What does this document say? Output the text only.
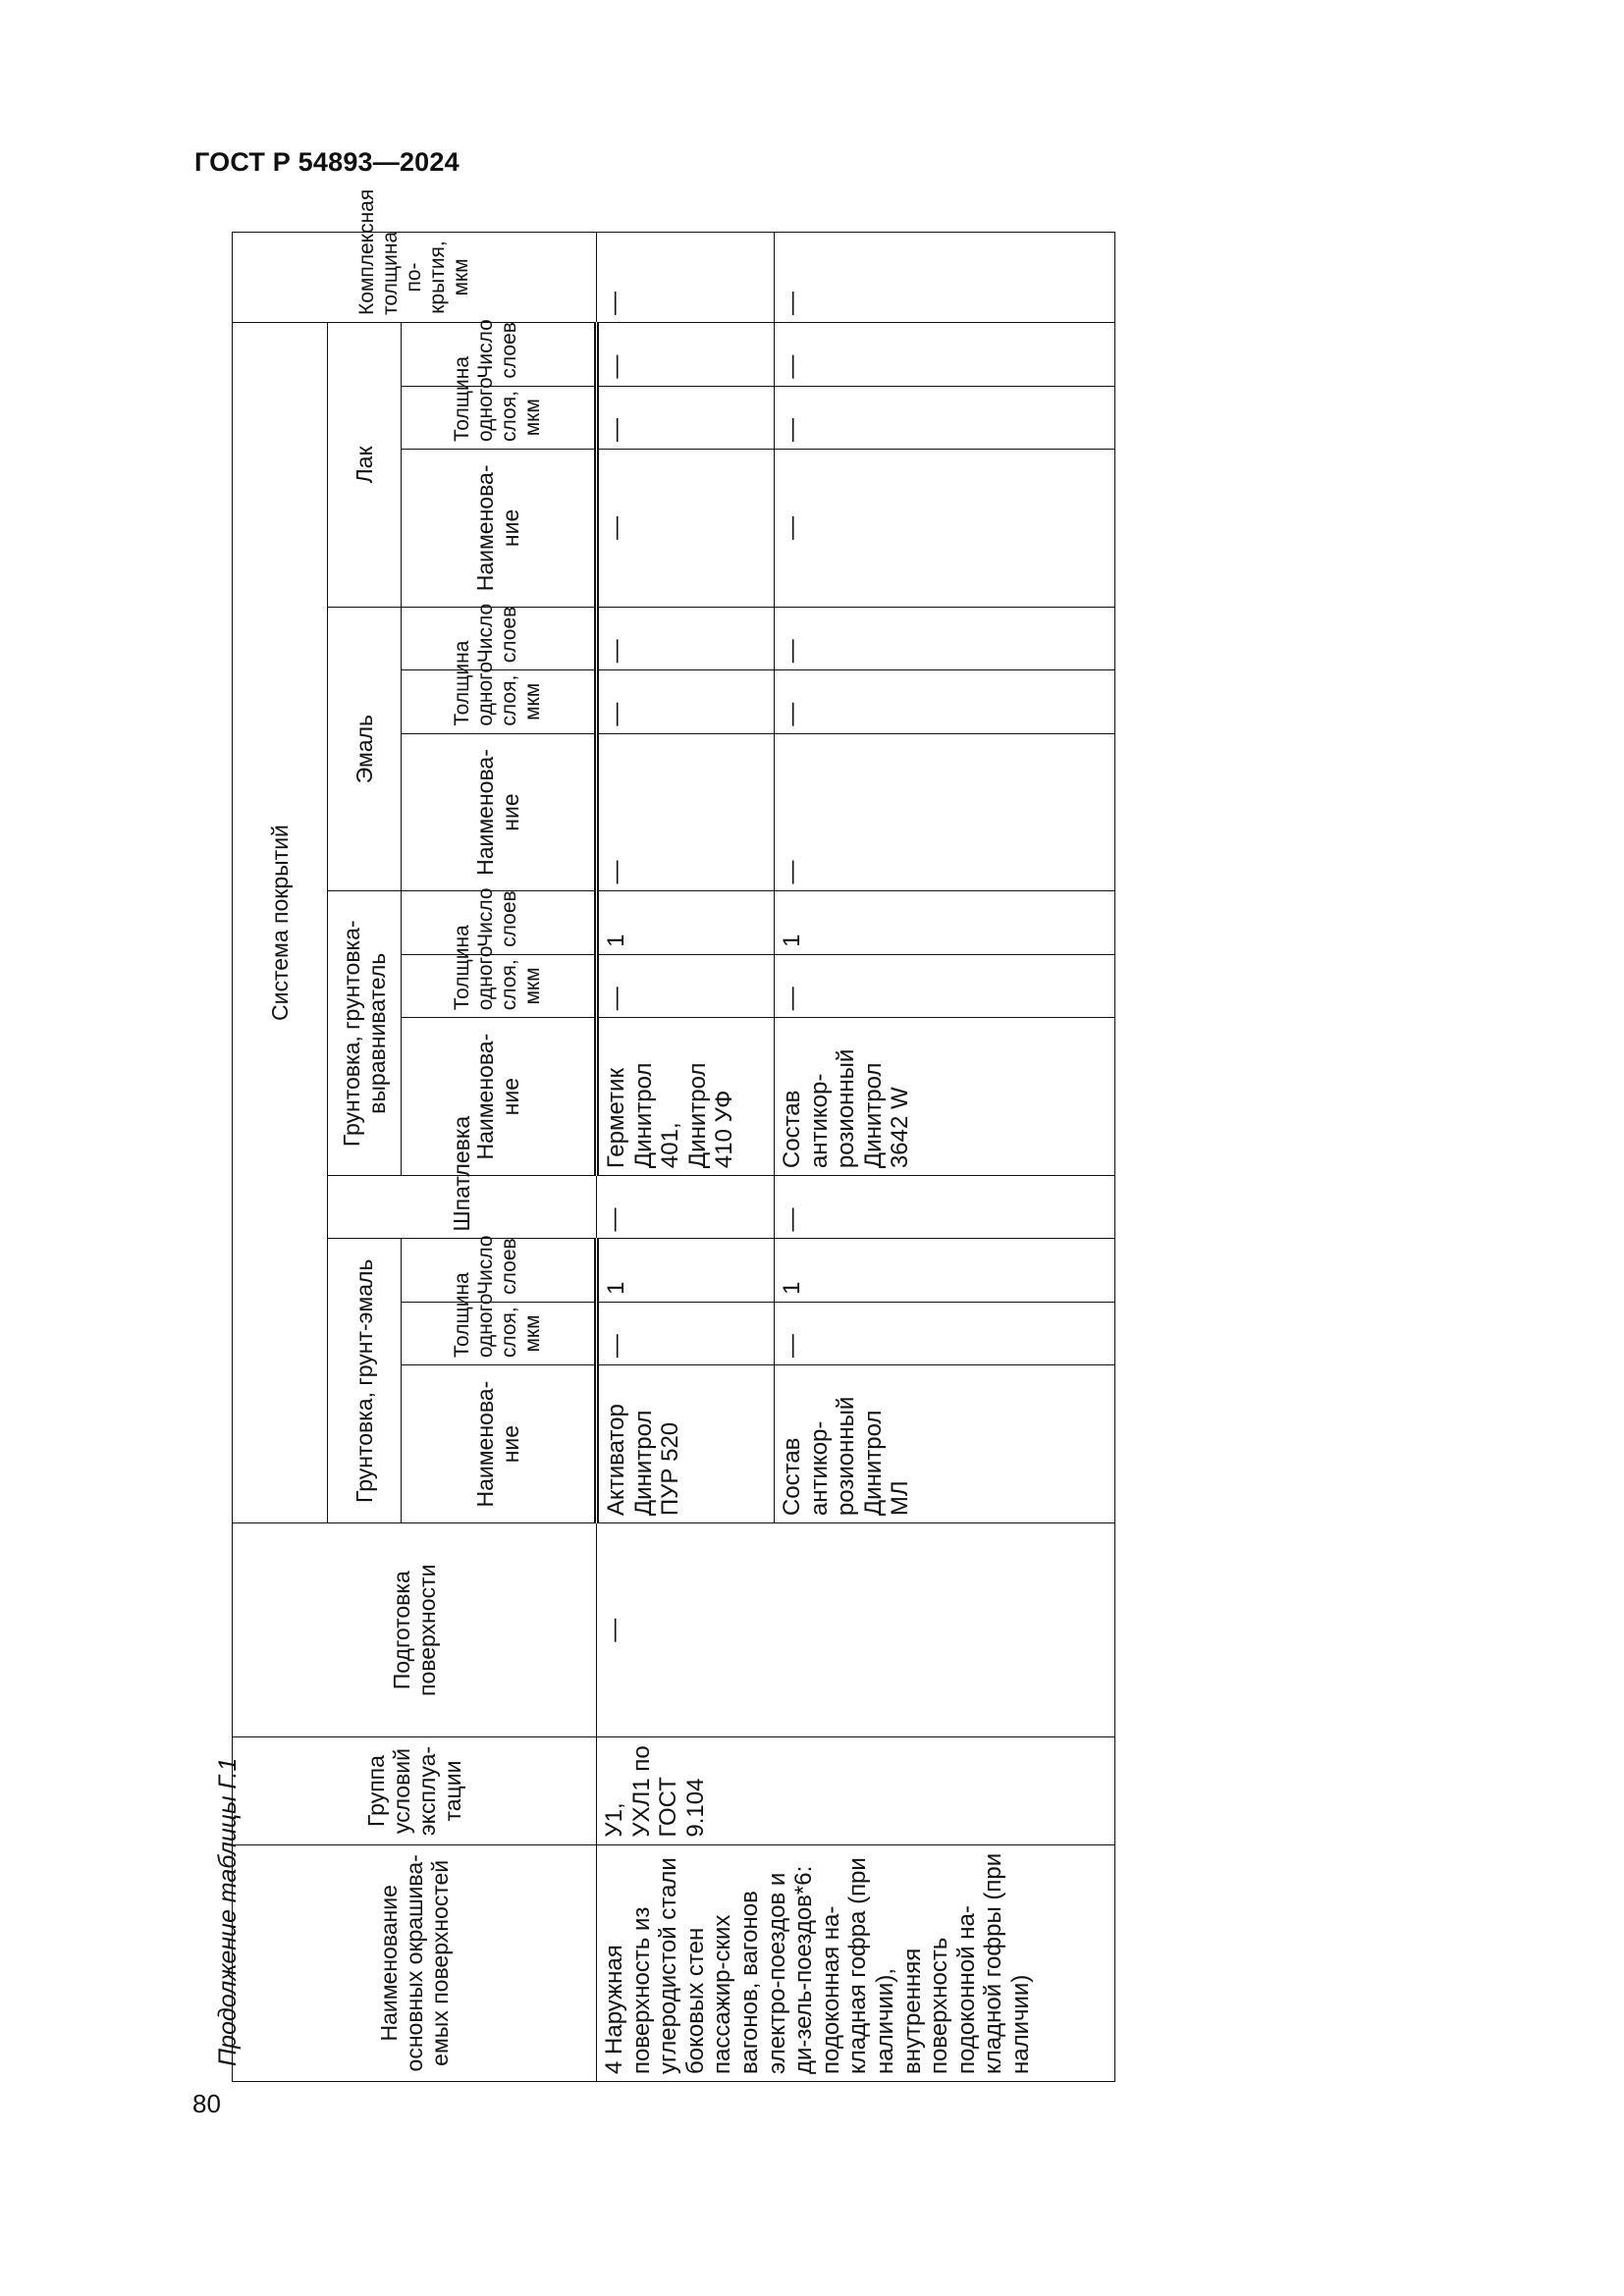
ГОСТ Р 54893—2024
Продолжение таблицы Г.1	Наименование основных окрашива-емых поверхностей	Группа условий эксплуа-тации	Подготовка поверхности	Система покрытий													Комплексная толщина по-крытия, мкм
			Грунтовка, грунт-эмаль			Шпатлевка	Грунтовка, грунтовка-выравниватель			Эмаль			Лак			
			Наименова-ние	Толщина одного слоя, мкм	Число слоев		Наименова-ние	Толщина одного слоя, мкм	Число слоев	Наименова-ние	Толщина одного слоя, мкм	Число слоев	Наименова-ние	Толщина одного слоя, мкм	Число слоев	
4 Наружная поверхность из углеродистой стали боковых стен пассажир-ских вагонов, вагонов электро-поездов и ди-зель-поездов*6: подоконная на-кладная гофра (при наличии), внутренняя поверхность подоконной на-кладной гофры (при наличии)	У1, УХЛ1 по ГОСТ 9.104	—	Активатор Динитрол ПУР 520	—	1	—	Герметик Динитрол 401, Динитрол 410 УФ	—	1	—	—	—	—	—	—	—
			Состав антикор-розионный Динитрол МЛ	—	1	—	Состав антикор-розионный Динитрол 3642 W	—	1	—	—	—	—	—	—	—
80
